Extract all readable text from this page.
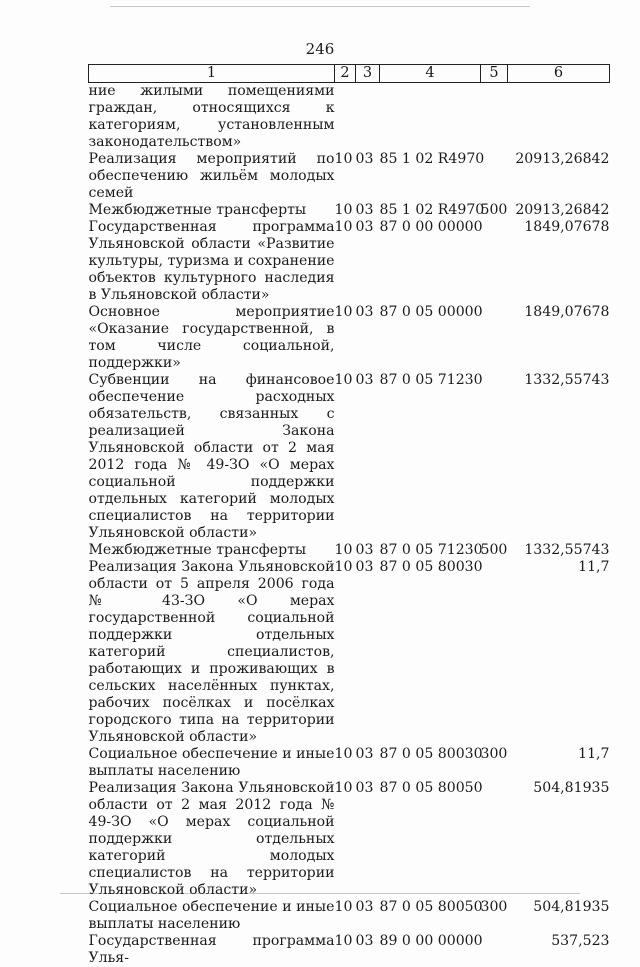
246
1	2	3	4	5	6
ние жилыми помещениями граждан, относящихся к категориям, установленным законодательством»					
Реализация мероприятий по обеспечению жильём молодых семей	10	03	85 1 02 R4970		20913,26842
Межбюджетные трансферты	10	03	85 1 02 R4970	500	20913,26842
Государственная программа Ульяновской области «Развитие культуры, туризма и сохранение объектов культурного наследия в Ульяновской области»	10	03	87 0 00 00000		1849,07678
Основное мероприятие «Оказание государственной, в том числе социальной, поддержки»	10	03	87 0 05 00000		1849,07678
Субвенции на финансовое обеспечение расходных обязательств, связанных с реализацией Закона Ульяновской области от 2 мая 2012 года № 49-ЗО «О мерах социальной поддержки отдельных категорий молодых специалистов на территории Ульяновской области»	10	03	87 0 05 71230		1332,55743
Межбюджетные трансферты	10	03	87 0 05 71230	500	1332,55743
Реализация Закона Ульяновской области от 5 апреля 2006 года № 43-ЗО «О мерах государственной социальной поддержки отдельных категорий специалистов, работающих и проживающих в сельских населённых пунктах, рабочих посёлках и посёлках городского типа на территории Ульяновской области»	10	03	87 0 05 80030		11,7
Социальное обеспечение и иные выплаты населению	10	03	87 0 05 80030	300	11,7
Реализация Закона Ульяновской области от 2 мая 2012 года № 49-ЗО «О мерах социальной поддержки отдельных категорий молодых специалистов на территории Ульяновской области»	10	03	87 0 05 80050		504,81935
Социальное обеспечение и иные выплаты населению	10	03	87 0 05 80050	300	504,81935
Государственная программа Улья-	10	03	89 0 00 00000		537,523
